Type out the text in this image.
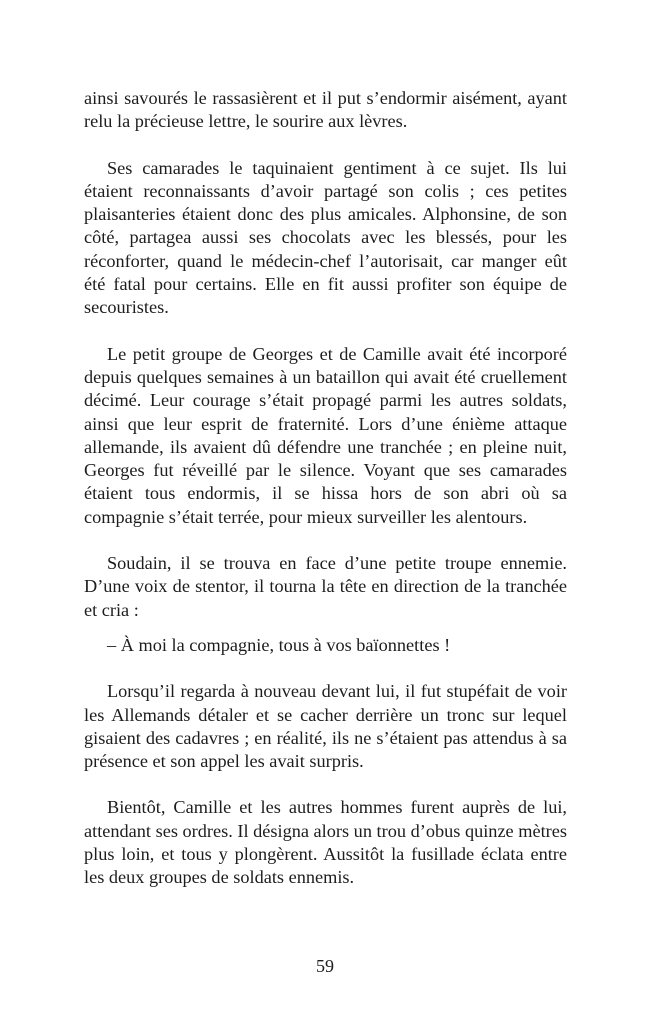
ainsi savourés le rassasièrent et il put s’endormir aisément, ayant relu la précieuse lettre, le sourire aux lèvres.

Ses camarades le taquinaient gentiment à ce sujet. Ils lui étaient reconnaissants d’avoir partagé son colis ; ces petites plaisanteries étaient donc des plus amicales. Alphonsine, de son côté, partagea aussi ses chocolats avec les blessés, pour les réconforter, quand le médecin-chef l’autorisait, car manger eût été fatal pour certains. Elle en fit aussi profiter son équipe de secouristes.

Le petit groupe de Georges et de Camille avait été incorporé depuis quelques semaines à un bataillon qui avait été cruellement décimé. Leur courage s’était propagé parmi les autres soldats, ainsi que leur esprit de fraternité. Lors d’une énième attaque allemande, ils avaient dû défendre une tranchée ; en pleine nuit, Georges fut réveillé par le silence. Voyant que ses camarades étaient tous endormis, il se hissa hors de son abri où sa compagnie s’était terrée, pour mieux surveiller les alentours.

Soudain, il se trouva en face d’une petite troupe ennemie. D’une voix de stentor, il tourna la tête en direction de la tranchée et cria :

– À moi la compagnie, tous à vos baïonnettes !

Lorsqu’il regarda à nouveau devant lui, il fut stupéfait de voir les Allemands détaler et se cacher derrière un tronc sur lequel gisaient des cadavres ; en réalité, ils ne s’étaient pas attendus à sa présence et son appel les avait surpris.

Bientôt, Camille et les autres hommes furent auprès de lui, attendant ses ordres. Il désigna alors un trou d’obus quinze mètres plus loin, et tous y plongèrent. Aussitôt la fusillade éclata entre les deux groupes de soldats ennemis.

59
